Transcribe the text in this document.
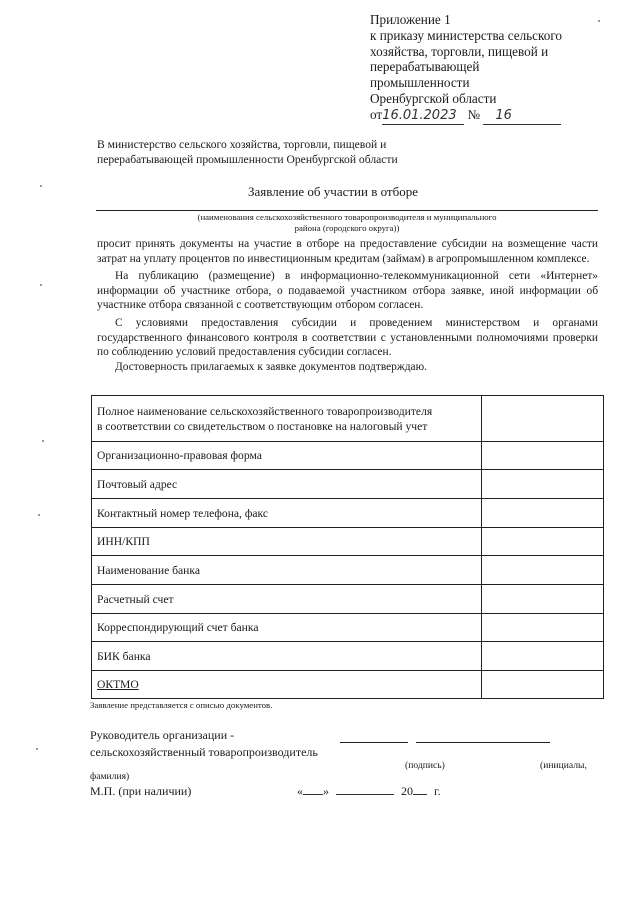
Приложение 1
к приказу министерства сельского
хозяйства, торговли, пищевой и
перерабатывающей
промышленности
Оренбургской области
от16.01.2023 № 16
В министерство сельского хозяйства, торговли, пищевой и
перерабатывающей промышленности Оренбургской области
Заявление об участии в отборе
(наименования сельскохозяйственного товаропроизводителя и муниципального
района (городского округа))

просит принять документы на участие в отборе на предоставление субсидии на возмещение части затрат на уплату процентов по инвестиционным кредитам (займам) в агропромышленном комплексе.

На публикацию (размещение) в информационно-телекоммуникационной сети «Интернет» информации об участнике отбора, о подаваемой участником отбора заявке, иной информации об участнике отбора связанной с соответствующим отбором согласен.

С условиями предоставления субсидии и проведением министерством и органами государственного финансового контроля в соответствии с установленными полномочиями проверки по соблюдению условий предоставления субсидии согласен.

Достоверность прилагаемых к заявке документов подтверждаю.

Полное наименование сельскохозяйственного товаропроизводителя
в соответствии со свидетельством о постановке на налоговый учет	

Организационно-правовая форма	
Почтовый адрес	
Контактный номер телефона, факс	
ИНН/КПП	
Наименование банка	
Расчетный счет	
Корреспондирующий счет банка	
БИК банка	
ОКТМО	
Заявление представляется с описью документов.
Руководитель организации -
сельскохозяйственный товаропроизводитель
(подпись)	(инициалы,
фамилия)
М.П. (при наличии)	« »	20 г.
